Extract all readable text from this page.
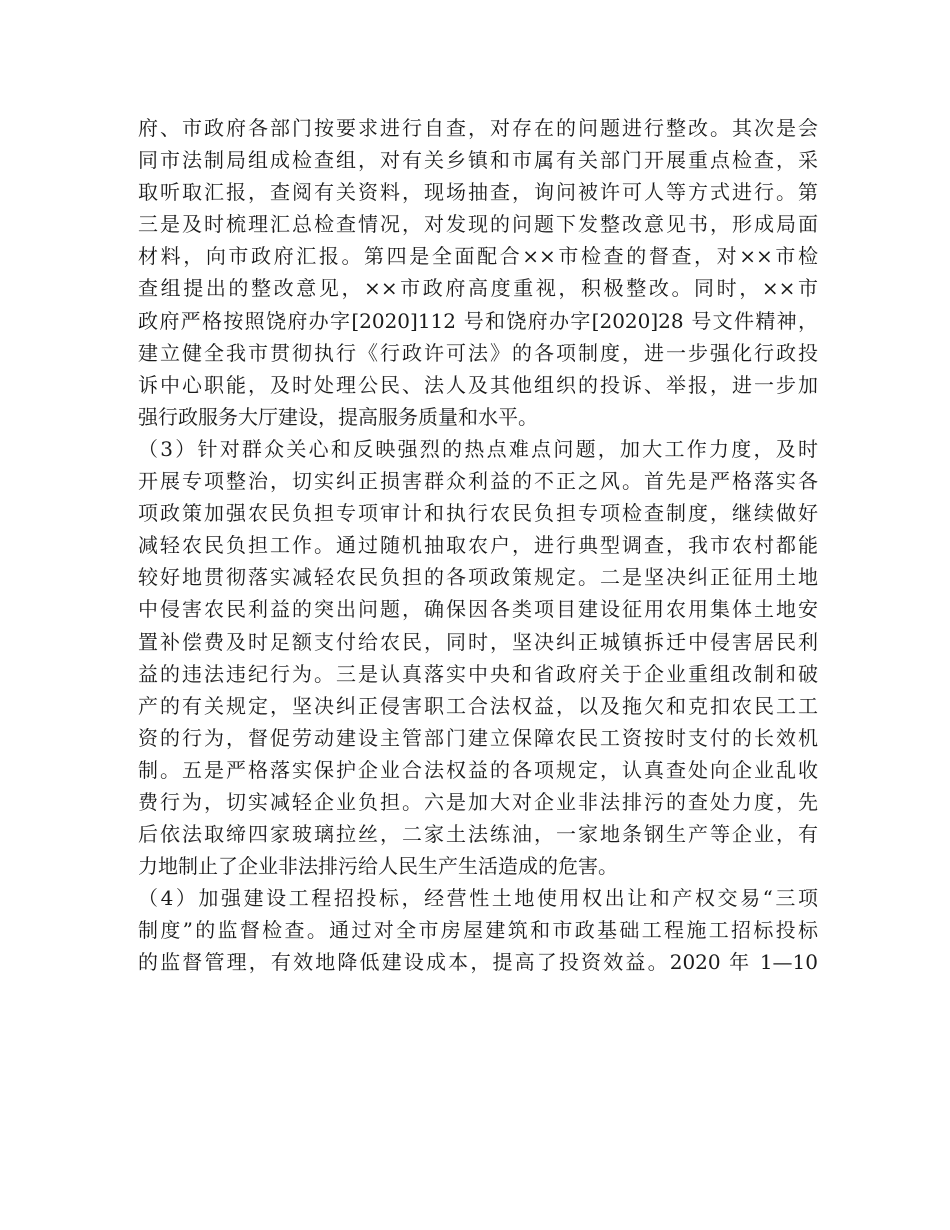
府、市政府各部门按要求进行自查，对存在的问题进行整改。其次是会
同市法制局组成检查组，对有关乡镇和市属有关部门开展重点检查，采
取听取汇报，查阅有关资料，现场抽查，询问被许可人等方式进行。第
三是及时梳理汇总检查情况，对发现的问题下发整改意见书，形成局面
材料，向市政府汇报。第四是全面配合××市检查的督查，对××市检
查组提出的整改意见，××市政府高度重视，积极整改。同时，××市
政府严格按照饶府办字[2020]112 号和饶府办字[2020]28 号文件精神，
建立健全我市贯彻执行《行政许可法》的各项制度，进一步强化行政投
诉中心职能，及时处理公民、法人及其他组织的投诉、举报，进一步加
强行政服务大厅建设，提高服务质量和水平。
（3）针对群众关心和反映强烈的热点难点问题，加大工作力度，及时
开展专项整治，切实纠正损害群众利益的不正之风。首先是严格落实各
项政策加强农民负担专项审计和执行农民负担专项检查制度，继续做好
减轻农民负担工作。通过随机抽取农户，进行典型调查，我市农村都能
较好地贯彻落实减轻农民负担的各项政策规定。二是坚决纠正征用土地
中侵害农民利益的突出问题，确保因各类项目建设征用农用集体土地安
置补偿费及时足额支付给农民，同时，坚决纠正城镇拆迁中侵害居民利
益的违法违纪行为。三是认真落实中央和省政府关于企业重组改制和破
产的有关规定，坚决纠正侵害职工合法权益，以及拖欠和克扣农民工工
资的行为，督促劳动建设主管部门建立保障农民工资按时支付的长效机
制。五是严格落实保护企业合法权益的各项规定，认真查处向企业乱收
费行为，切实减轻企业负担。六是加大对企业非法排污的查处力度，先
后依法取缔四家玻璃拉丝，二家土法练油，一家地条钢生产等企业，有
力地制止了企业非法排污给人民生产生活造成的危害。
（4）加强建设工程招投标，经营性土地使用权出让和产权交易“三项
制度”的监督检查。通过对全市房屋建筑和市政基础工程施工招标投标
的监督管理，有效地降低建设成本，提高了投资效益。2020 年 1—10
